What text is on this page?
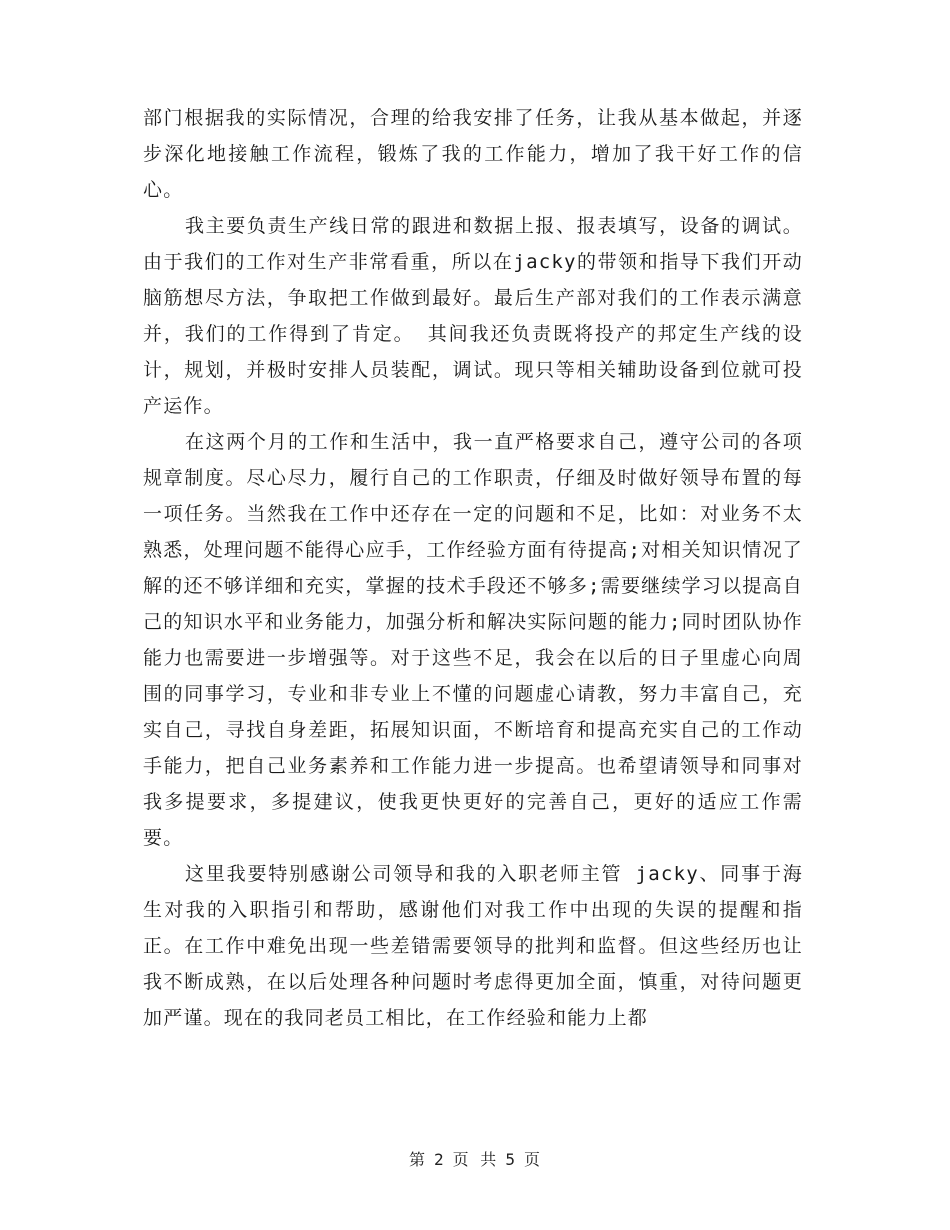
部门根据我的实际情况，合理的给我安排了任务，让我从基本做起，并逐步深化地接触工作流程，锻炼了我的工作能力，增加了我干好工作的信心。

我主要负责生产线日常的跟进和数据上报、报表填写，设备的调试。由于我们的工作对生产非常看重，所以在jacky的带领和指导下我们开动脑筋想尽方法，争取把工作做到最好。最后生产部对我们的工作表示满意并，我们的工作得到了肯定。 其间我还负责既将投产的邦定生产线的设计，规划，并极时安排人员装配，调试。现只等相关辅助设备到位就可投产运作。

在这两个月的工作和生活中，我一直严格要求自己，遵守公司的各项规章制度。尽心尽力，履行自己的工作职责，仔细及时做好领导布置的每一项任务。当然我在工作中还存在一定的问题和不足，比如：对业务不太熟悉，处理问题不能得心应手，工作经验方面有待提高;对相关知识情况了解的还不够详细和充实，掌握的技术手段还不够多;需要继续学习以提高自己的知识水平和业务能力，加强分析和解决实际问题的能力;同时团队协作能力也需要进一步增强等。对于这些不足，我会在以后的日子里虚心向周围的同事学习，专业和非专业上不懂的问题虚心请教，努力丰富自己，充实自己，寻找自身差距，拓展知识面，不断培育和提高充实自己的工作动手能力，把自己业务素养和工作能力进一步提高。也希望请领导和同事对我多提要求，多提建议，使我更快更好的完善自己，更好的适应工作需要。

这里我要特别感谢公司领导和我的入职老师主管 jacky、同事于海生对我的入职指引和帮助，感谢他们对我工作中出现的失误的提醒和指正。在工作中难免出现一些差错需要领导的批判和监督。但这些经历也让我不断成熟，在以后处理各种问题时考虑得更加全面，慎重，对待问题更加严谨。现在的我同老员工相比，在工作经验和能力上都

第 2 页 共 5 页
